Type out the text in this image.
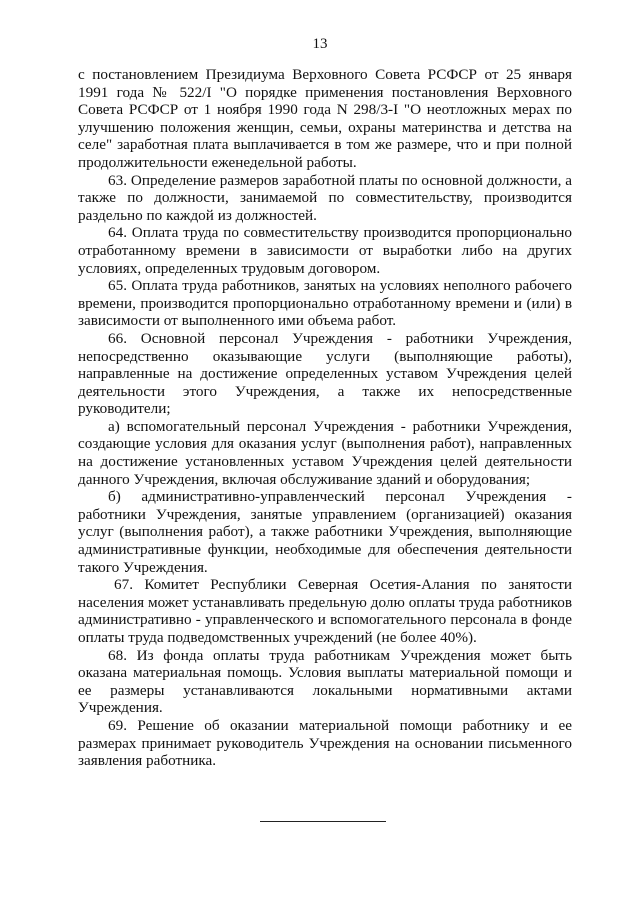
13

с постановлением Президиума Верховного Совета РСФСР от 25 января 1991 года № 522/I "О порядке применения постановления Верховного Совета РСФСР от 1 ноября 1990 года N 298/3-I "О неотложных мерах по улучшению положения женщин, семьи, охраны материнства и детства на селе" заработная плата выплачивается в том же размере, что и при полной продолжительности еженедельной работы.

63. Определение размеров заработной платы по основной должности, а также по должности, занимаемой по совместительству, производится раздельно по каждой из должностей.

64. Оплата труда по совместительству производится пропорционально отработанному времени в зависимости от выработки либо на других условиях, определенных трудовым договором.

65. Оплата труда работников, занятых на условиях неполного рабочего времени, производится пропорционально отработанному времени и (или) в зависимости от выполненного ими объема работ.

66. Основной персонал Учреждения - работники Учреждения, непосредственно оказывающие услуги (выполняющие работы), направленные на достижение определенных уставом Учреждения целей деятельности этого Учреждения, а также их непосредственные руководители;

а) вспомогательный персонал Учреждения - работники Учреждения, создающие условия для оказания услуг (выполнения работ), направленных на достижение установленных уставом Учреждения целей деятельности данного Учреждения, включая обслуживание зданий и оборудования;

б) административно-управленческий персонал Учреждения - работники Учреждения, занятые управлением (организацией) оказания услуг (выполнения работ), а также работники Учреждения, выполняющие административные функции, необходимые для обеспечения деятельности такого Учреждения.

67. Комитет Республики Северная Осетия-Алания по занятости населения может устанавливать предельную долю оплаты труда работников административно - управленческого и вспомогательного персонала в фонде оплаты труда подведомственных учреждений (не более 40%).

68. Из фонда оплаты труда работникам Учреждения может быть оказана материальная помощь. Условия выплаты материальной помощи и ее размеры устанавливаются локальными нормативными актами Учреждения.

69. Решение об оказании материальной помощи работнику и ее размерах принимает руководитель Учреждения на основании письменного заявления работника.
